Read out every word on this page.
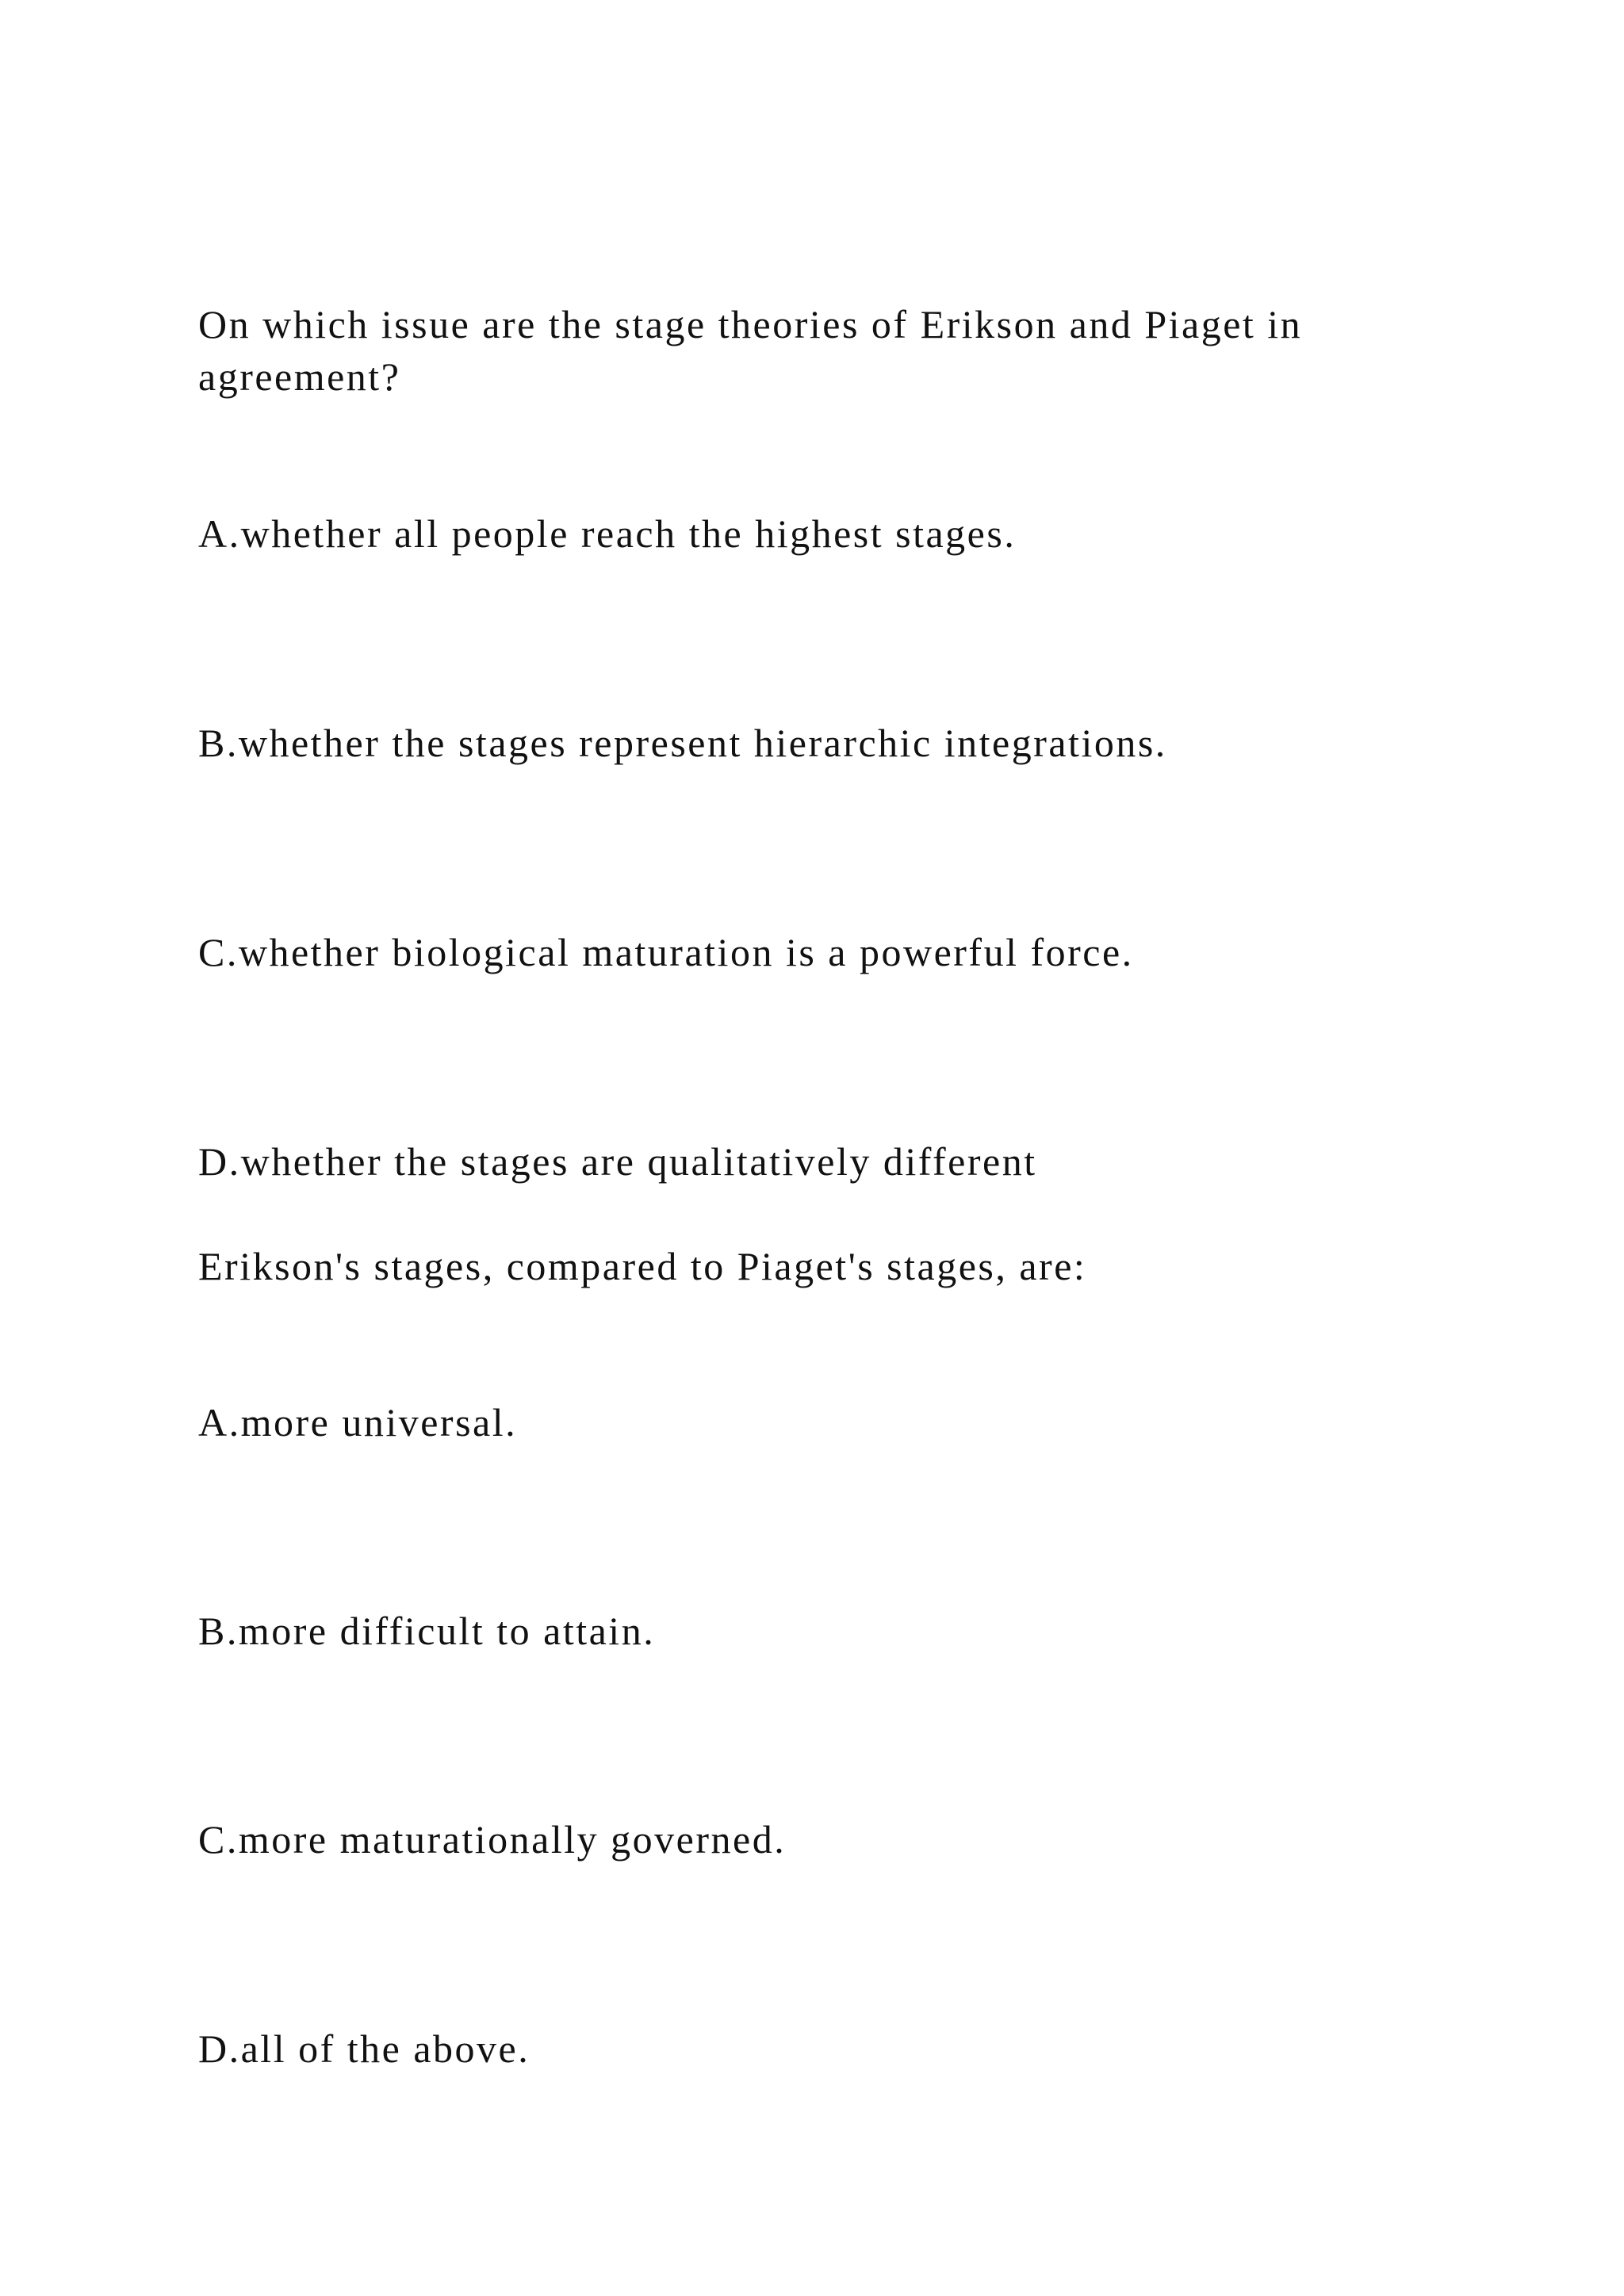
On which issue are the stage theories of Erikson and Piaget in agreement?

A.whether all people reach the highest stages.

B.whether the stages represent hierarchic integrations.

C.whether biological maturation is a powerful force.

D.whether the stages are qualitatively different

Erikson's stages, compared to Piaget's stages, are:

A.more universal.

B.more difficult to attain.

C.more maturationally governed.

D.all of the above.
